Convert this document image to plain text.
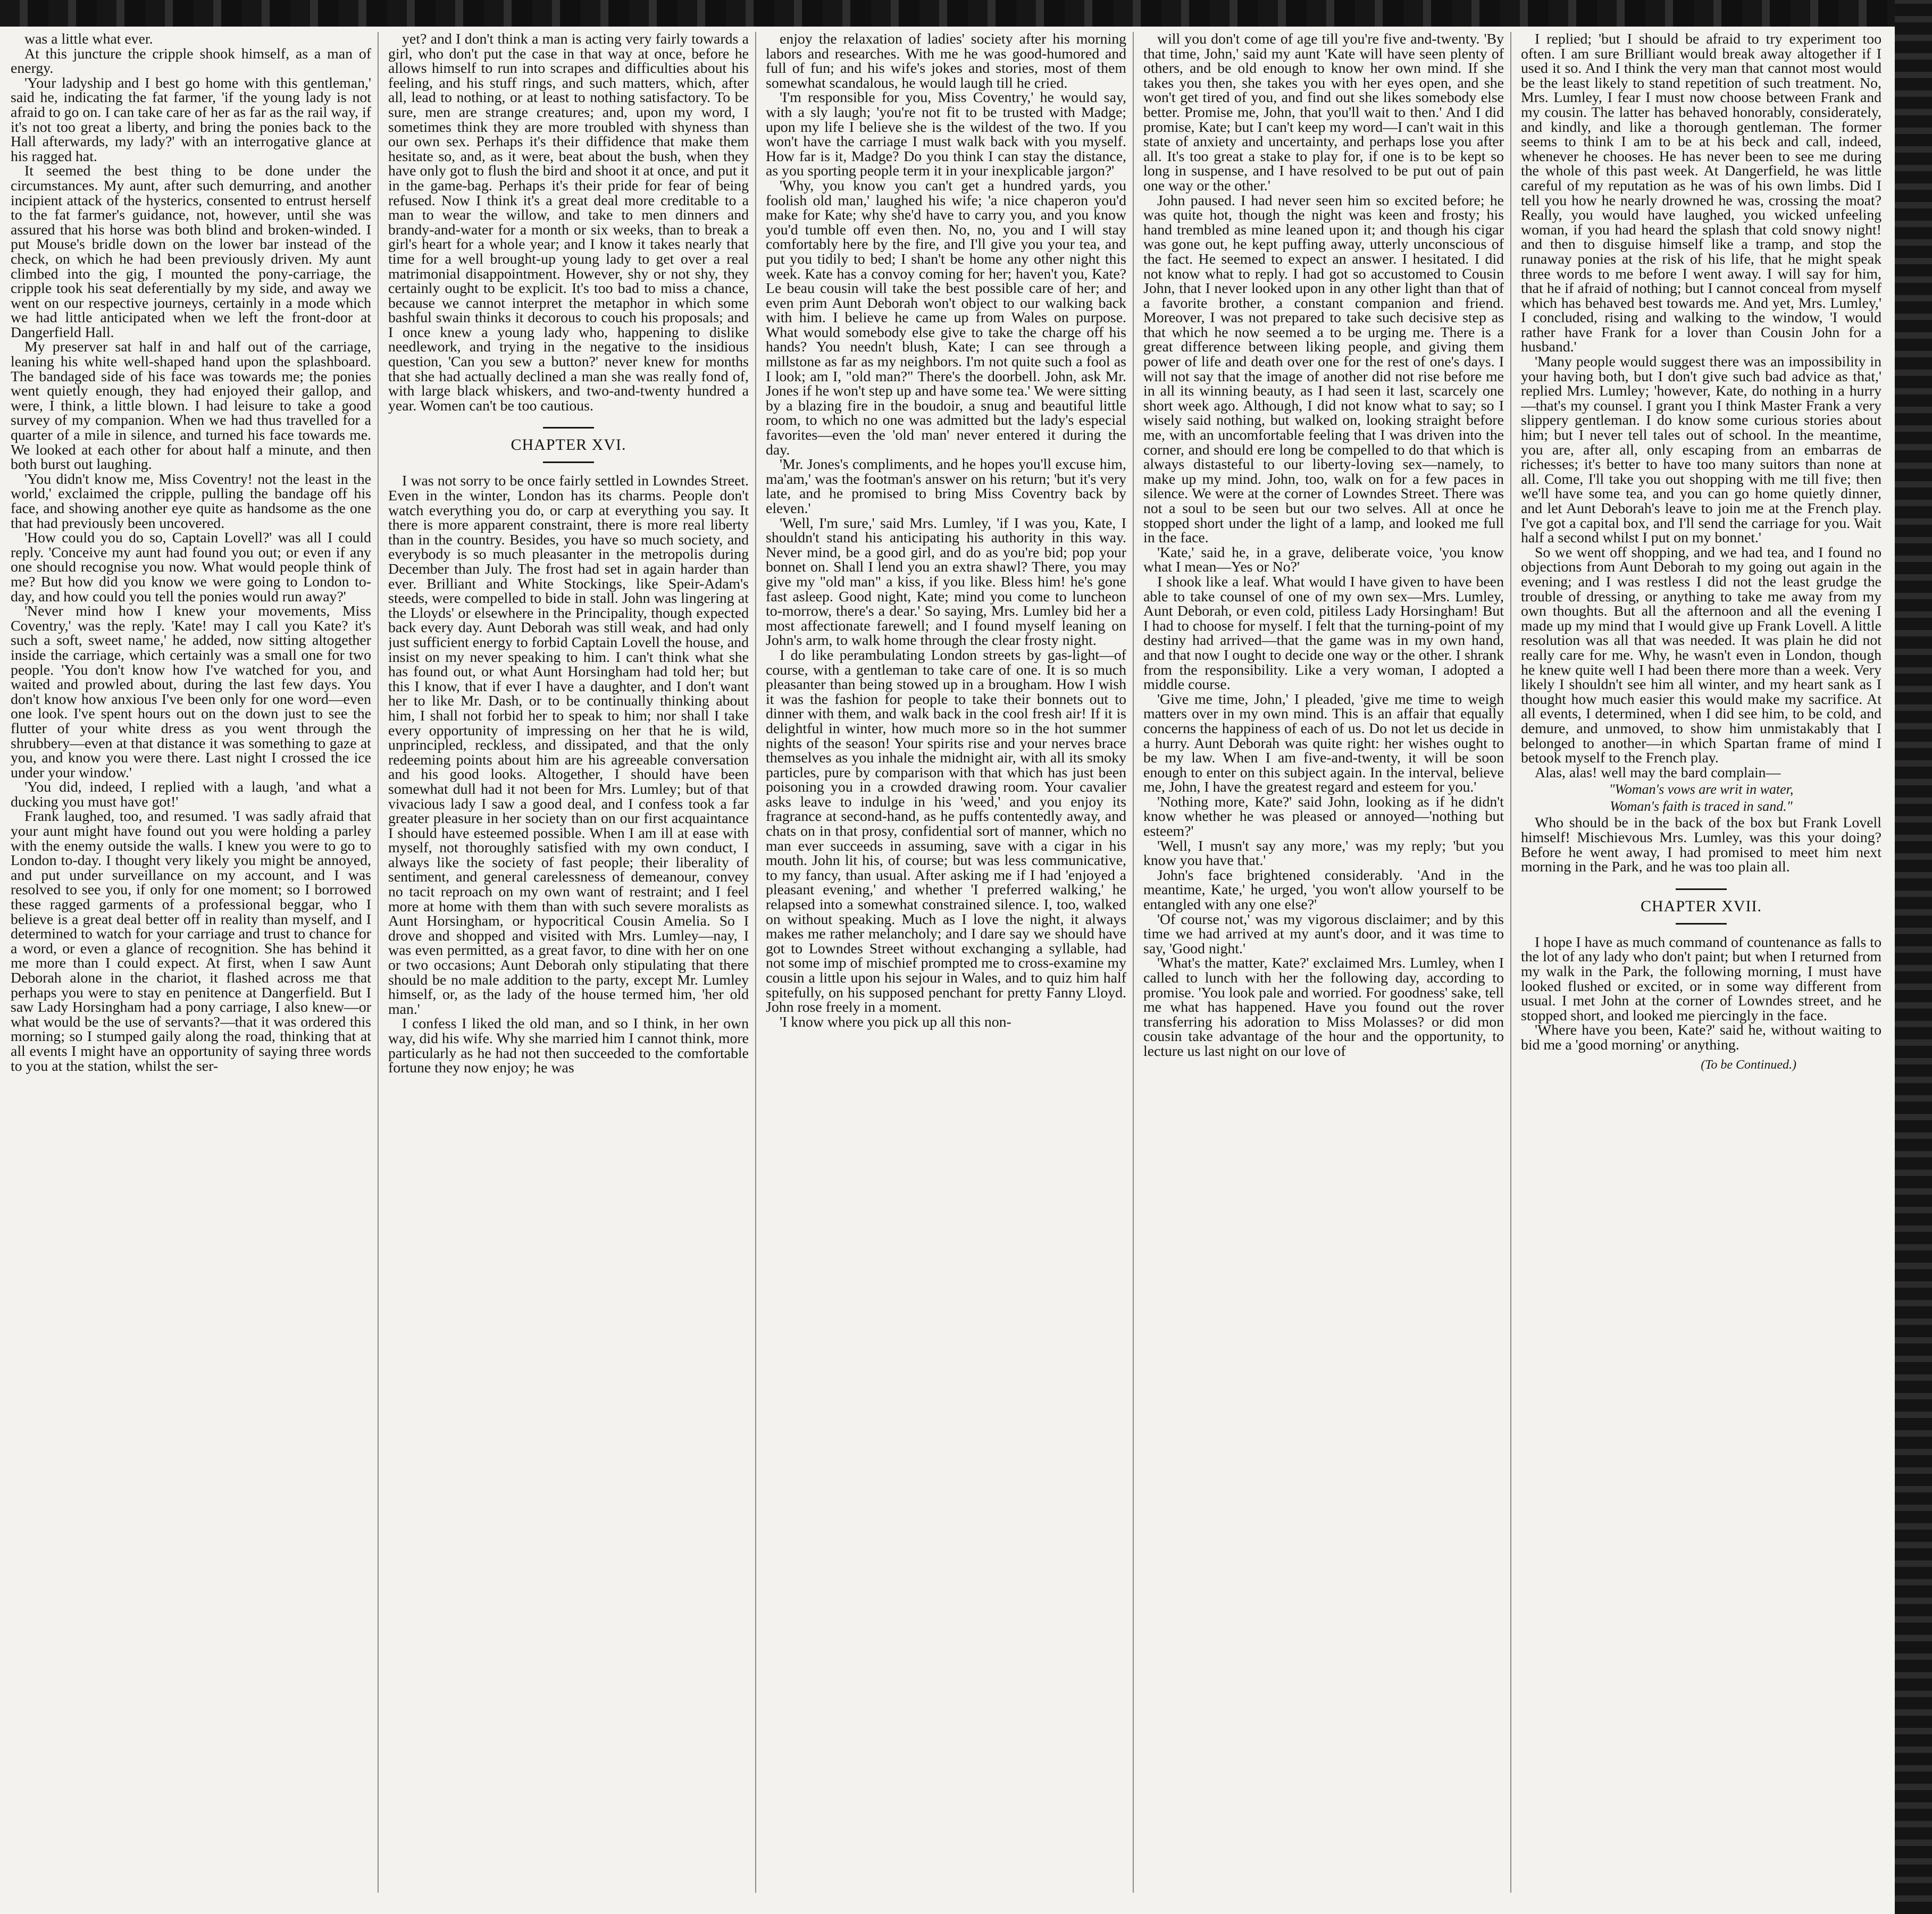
was a little what ever.

At this juncture the cripple shook himself, as a man of energy.

'Your ladyship and I best go home with this gentleman,' said he, indicating the fat farmer, 'if the young lady is not afraid to go on. I can take care of her as far as the rail way, if it's not too great a liberty, and bring the ponies back to the Hall afterwards, my lady?' with an interrogative glance at his ragged hat.

It seemed the best thing to be done under the circumstances. My aunt, after such demurring, and another incipient attack of the hysterics, consented to entrust herself to the fat farmer's guidance, not, however, until she was assured that his horse was both blind and broken-winded. I put Mouse's bridle down on the lower bar instead of the check, on which he had been previously driven. My aunt climbed into the gig, I mounted the pony-carriage, the cripple took his seat deferentially by my side, and away we went on our respective journeys, certainly in a mode which we had little anticipated when we left the front-door at Dangerfield Hall.

My preserver sat half in and half out of the carriage, leaning his white well-shaped hand upon the splashboard. The bandaged side of his face was towards me; the ponies went quietly enough, they had enjoyed their gallop, and were, I think, a little blown. I had leisure to take a good survey of my companion. When we had thus travelled for a quarter of a mile in silence, and turned his face towards me. We looked at each other for about half a minute, and then both burst out laughing.

'You didn't know me, Miss Coventry! not the least in the world,' exclaimed the cripple, pulling the bandage off his face, and showing another eye quite as handsome as the one that had previously been uncovered.

'How could you do so, Captain Lovell?' was all I could reply. 'Conceive my aunt had found you out; or even if any one should recognise you now. What would people think of me? But how did you know we were going to London to-day, and how could you tell the ponies would run away?'

'Never mind how I knew your movements, Miss Coventry,' was the reply. 'Kate! may I call you Kate? it's such a soft, sweet name,' he added, now sitting altogether inside the carriage, which certainly was a small one for two people. 'You don't know how I've watched for you, and waited and prowled about, during the last few days. You don't know how anxious I've been only for one word—even one look. I've spent hours out on the down just to see the flutter of your white dress as you went through the shrubbery—even at that distance it was something to gaze at you, and know you were there. Last night I crossed the ice under your window.'

'You did, indeed, I replied with a laugh, 'and what a ducking you must have got!'

Frank laughed, too, and resumed. 'I was sadly afraid that your aunt might have found out you were holding a parley with the enemy outside the walls. I knew you were to go to London to-day. I thought very likely you might be annoyed, and put under surveillance on my account, and I was resolved to see you, if only for one moment; so I borrowed these ragged garments of a professional beggar, who I believe is a great deal better off in reality than myself, and I determined to watch for your carriage and trust to chance for a word, or even a glance of recognition. She has behind it me more than I could expect. At first, when I saw Aunt Deborah alone in the chariot, it flashed across me that perhaps you were to stay en penitence at Dangerfield. But I saw Lady Horsingham had a pony carriage, I also knew—or what would be the use of servants?—that it was ordered this morning; so I stumped gaily along the road, thinking that at all events I might have an opportunity of saying three words to you at the station, whilst the ser-

yet? and I don't think a man is acting very fairly towards a girl, who don't put the case in that way at once, before he allows himself to run into scrapes and difficulties about his feeling, and his stuff rings, and such matters, which, after all, lead to nothing, or at least to nothing satisfactory. To be sure, men are strange creatures; and, upon my word, I sometimes think they are more troubled with shyness than our own sex. Perhaps it's their diffidence that make them hesitate so, and, as it were, beat about the bush, when they have only got to flush the bird and shoot it at once, and put it in the game-bag. Perhaps it's their pride for fear of being refused. Now I think it's a great deal more creditable to a man to wear the willow, and take to men dinners and brandy-and-water for a month or six weeks, than to break a girl's heart for a whole year; and I know it takes nearly that time for a well brought-up young lady to get over a real matrimonial disappointment. However, shy or not shy, they certainly ought to be explicit. It's too bad to miss a chance, because we cannot interpret the metaphor in which some bashful swain thinks it decorous to couch his proposals; and I once knew a young lady who, happening to dislike needlework, and trying in the negative to the insidious question, 'Can you sew a button?' never knew for months that she had actually declined a man she was really fond of, with large black whiskers, and two-and-twenty hundred a year. Women can't be too cautious.

CHAPTER XVI.

I was not sorry to be once fairly settled in Lowndes Street. Even in the winter, London has its charms. People don't watch everything you do, or carp at everything you say. It there is more apparent constraint, there is more real liberty than in the country. Besides, you have so much society, and everybody is so much pleasanter in the metropolis during December than July. The frost had set in again harder than ever. Brilliant and White Stockings, like Speir-Adam's steeds, were compelled to bide in stall. John was lingering at the Lloyds' or elsewhere in the Principality, though expected back every day. Aunt Deborah was still weak, and had only just sufficient energy to forbid Captain Lovell the house, and insist on my never speaking to him. I can't think what she has found out, or what Aunt Horsingham had told her; but this I know, that if ever I have a daughter, and I don't want her to like Mr. Dash, or to be continually thinking about him, I shall not forbid her to speak to him; nor shall I take every opportunity of impressing on her that he is wild, unprincipled, reckless, and dissipated, and that the only redeeming points about him are his agreeable conversation and his good looks. Altogether, I should have been somewhat dull had it not been for Mrs. Lumley; but of that vivacious lady I saw a good deal, and I confess took a far greater pleasure in her society than on our first acquaintance I should have esteemed possible. When I am ill at ease with myself, not thoroughly satisfied with my own conduct, I always like the society of fast people; their liberality of sentiment, and general carelessness of demeanour, convey no tacit reproach on my own want of restraint; and I feel more at home with them than with such severe moralists as Aunt Horsingham, or hypocritical Cousin Amelia. So I drove and shopped and visited with Mrs. Lumley—nay, I was even permitted, as a great favor, to dine with her on one or two occasions; Aunt Deborah only stipulating that there should be no male addition to the party, except Mr. Lumley himself, or, as the lady of the house termed him, 'her old man.'

I confess I liked the old man, and so I think, in her own way, did his wife. Why she married him I cannot think, more particularly as he had not then succeeded to the comfortable fortune they now enjoy; he was

enjoy the relaxation of ladies' society after his morning labors and researches. With me he was good-humored and full of fun; and his wife's jokes and stories, most of them somewhat scandalous, he would laugh till he cried.

'I'm responsible for you, Miss Coventry,' he would say, with a sly laugh; 'you're not fit to be trusted with Madge; upon my life I believe she is the wildest of the two. If you won't have the carriage I must walk back with you myself. How far is it, Madge? Do you think I can stay the distance, as you sporting people term it in your inexplicable jargon?'

'Why, you know you can't get a hundred yards, you foolish old man,' laughed his wife; 'a nice chaperon you'd make for Kate; why she'd have to carry you, and you know you'd tumble off even then. No, no, you and I will stay comfortably here by the fire, and I'll give you your tea, and put you tidily to bed; I shan't be home any other night this week. Kate has a convoy coming for her; haven't you, Kate? Le beau cousin will take the best possible care of her; and even prim Aunt Deborah won't object to our walking back with him. I believe he came up from Wales on purpose. What would somebody else give to take the charge off his hands? You needn't blush, Kate; I can see through a millstone as far as my neighbors. I'm not quite such a fool as I look; am I, "old man?" There's the doorbell. John, ask Mr. Jones if he won't step up and have some tea.' We were sitting by a blazing fire in the boudoir, a snug and beautiful little room, to which no one was admitted but the lady's especial favorites—even the 'old man' never entered it during the day.

'Mr. Jones's compliments, and he hopes you'll excuse him, ma'am,' was the footman's answer on his return; 'but it's very late, and he promised to bring Miss Coventry back by eleven.'

'Well, I'm sure,' said Mrs. Lumley, 'if I was you, Kate, I shouldn't stand his anticipating his authority in this way. Never mind, be a good girl, and do as you're bid; pop your bonnet on. Shall I lend you an extra shawl? There, you may give my "old man" a kiss, if you like. Bless him! he's gone fast asleep. Good night, Kate; mind you come to luncheon to-morrow, there's a dear.' So saying, Mrs. Lumley bid her a most affectionate farewell; and I found myself leaning on John's arm, to walk home through the clear frosty night.

I do like perambulating London streets by gas-light—of course, with a gentleman to take care of one. It is so much pleasanter than being stowed up in a brougham. How I wish it was the fashion for people to take their bonnets out to dinner with them, and walk back in the cool fresh air! If it is delightful in winter, how much more so in the hot summer nights of the season! Your spirits rise and your nerves brace themselves as you inhale the midnight air, with all its smoky particles, pure by comparison with that which has just been poisoning you in a crowded drawing room. Your cavalier asks leave to indulge in his 'weed,' and you enjoy its fragrance at second-hand, as he puffs contentedly away, and chats on in that prosy, confidential sort of manner, which no man ever succeeds in assuming, save with a cigar in his mouth. John lit his, of course; but was less communicative, to my fancy, than usual. After asking me if I had 'enjoyed a pleasant evening,' and whether 'I preferred walking,' he relapsed into a somewhat constrained silence. I, too, walked on without speaking. Much as I love the night, it always makes me rather melancholy; and I dare say we should have got to Lowndes Street without exchanging a syllable, had not some imp of mischief prompted me to cross-examine my cousin a little upon his sejour in Wales, and to quiz him half spitefully, on his supposed penchant for pretty Fanny Lloyd. John rose freely in a moment.

'I know where you pick up all this non-

will you don't come of age till you're five and-twenty. 'By that time, John,' said my aunt 'Kate will have seen plenty of others, and be old enough to know her own mind. If she takes you then, she takes you with her eyes open, and she won't get tired of you, and find out she likes somebody else better. Promise me, John, that you'll wait to then.' And I did promise, Kate; but I can't keep my word—I can't wait in this state of anxiety and uncertainty, and perhaps lose you after all. It's too great a stake to play for, if one is to be kept so long in suspense, and I have resolved to be put out of pain one way or the other.'

John paused. I had never seen him so excited before; he was quite hot, though the night was keen and frosty; his hand trembled as mine leaned upon it; and though his cigar was gone out, he kept puffing away, utterly unconscious of the fact. He seemed to expect an answer. I hesitated. I did not know what to reply. I had got so accustomed to Cousin John, that I never looked upon in any other light than that of a favorite brother, a constant companion and friend. Moreover, I was not prepared to take such decisive step as that which he now seemed a to be urging me. There is a great difference between liking people, and giving them power of life and death over one for the rest of one's days. I will not say that the image of another did not rise before me in all its winning beauty, as I had seen it last, scarcely one short week ago. Although, I did not know what to say; so I wisely said nothing, but walked on, looking straight before me, with an uncomfortable feeling that I was driven into the corner, and should ere long be compelled to do that which is always distasteful to our liberty-loving sex—namely, to make up my mind. John, too, walk on for a few paces in silence. We were at the corner of Lowndes Street. There was not a soul to be seen but our two selves. All at once he stopped short under the light of a lamp, and looked me full in the face.

'Kate,' said he, in a grave, deliberate voice, 'you know what I mean—Yes or No?'

I shook like a leaf. What would I have given to have been able to take counsel of one of my own sex—Mrs. Lumley, Aunt Deborah, or even cold, pitiless Lady Horsingham! But I had to choose for myself. I felt that the turning-point of my destiny had arrived—that the game was in my own hand, and that now I ought to decide one way or the other. I shrank from the responsibility. Like a very woman, I adopted a middle course.

'Give me time, John,' I pleaded, 'give me time to weigh matters over in my own mind. This is an affair that equally concerns the happiness of each of us. Do not let us decide in a hurry. Aunt Deborah was quite right: her wishes ought to be my law. When I am five-and-twenty, it will be soon enough to enter on this subject again. In the interval, believe me, John, I have the greatest regard and esteem for you.'

'Nothing more, Kate?' said John, looking as if he didn't know whether he was pleased or annoyed—'nothing but esteem?'

'Well, I musn't say any more,' was my reply; 'but you know you have that.'

John's face brightened considerably. 'And in the meantime, Kate,' he urged, 'you won't allow yourself to be entangled with any one else?'

'Of course not,' was my vigorous disclaimer; and by this time we had arrived at my aunt's door, and it was time to say, 'Good night.'

'What's the matter, Kate?' exclaimed Mrs. Lumley, when I called to lunch with her the following day, according to promise. 'You look pale and worried. For goodness' sake, tell me what has happened. Have you found out the rover transferring his adoration to Miss Molasses? or did mon cousin take advantage of the hour and the opportunity, to lecture us last night on our love of

I replied; 'but I should be afraid to try experiment too often. I am sure Brilliant would break away altogether if I used it so. And I think the very man that cannot most would be the least likely to stand repetition of such treatment. No, Mrs. Lumley, I fear I must now choose between Frank and my cousin. The latter has behaved honorably, considerately, and kindly, and like a thorough gentleman. The former seems to think I am to be at his beck and call, indeed, whenever he chooses. He has never been to see me during the whole of this past week. At Dangerfield, he was little careful of my reputation as he was of his own limbs. Did I tell you how he nearly drowned he was, crossing the moat? Really, you would have laughed, you wicked unfeeling woman, if you had heard the splash that cold snowy night! and then to disguise himself like a tramp, and stop the runaway ponies at the risk of his life, that he might speak three words to me before I went away. I will say for him, that he if afraid of nothing; but I cannot conceal from myself which has behaved best towards me. And yet, Mrs. Lumley,' I concluded, rising and walking to the window, 'I would rather have Frank for a lover than Cousin John for a husband.'

'Many people would suggest there was an impossibility in your having both, but I don't give such bad advice as that,' replied Mrs. Lumley; 'however, Kate, do nothing in a hurry—that's my counsel. I grant you I think Master Frank a very slippery gentleman. I do know some curious stories about him; but I never tell tales out of school. In the meantime, you are, after all, only escaping from an embarras de richesses; it's better to have too many suitors than none at all. Come, I'll take you out shopping with me till five; then we'll have some tea, and you can go home quietly dinner, and let Aunt Deborah's leave to join me at the French play. I've got a capital box, and I'll send the carriage for you. Wait half a second whilst I put on my bonnet.'

So we went off shopping, and we had tea, and I found no objections from Aunt Deborah to my going out again in the evening; and I was restless I did not the least grudge the trouble of dressing, or anything to take me away from my own thoughts. But all the afternoon and all the evening I made up my mind that I would give up Frank Lovell. A little resolution was all that was needed. It was plain he did not really care for me. Why, he wasn't even in London, though he knew quite well I had been there more than a week. Very likely I shouldn't see him all winter, and my heart sank as I thought how much easier this would make my sacrifice. At all events, I determined, when I did see him, to be cold, and demure, and unmoved, to show him unmistakably that I belonged to another—in which Spartan frame of mind I betook myself to the French play.

Alas, alas! well may the bard complain—

"Woman's vows are writ in water,
Woman's faith is traced in sand."

Who should be in the back of the box but Frank Lovell himself! Mischievous Mrs. Lumley, was this your doing? Before he went away, I had promised to meet him next morning in the Park, and he was too plain all.

CHAPTER XVII.

I hope I have as much command of countenance as falls to the lot of any lady who don't paint; but when I returned from my walk in the Park, the following morning, I must have looked flushed or excited, or in some way different from usual. I met John at the corner of Lowndes street, and he stopped short, and looked me piercingly in the face.

'Where have you been, Kate?' said he, without waiting to bid me a 'good morning' or anything.

(To be Continued.)
